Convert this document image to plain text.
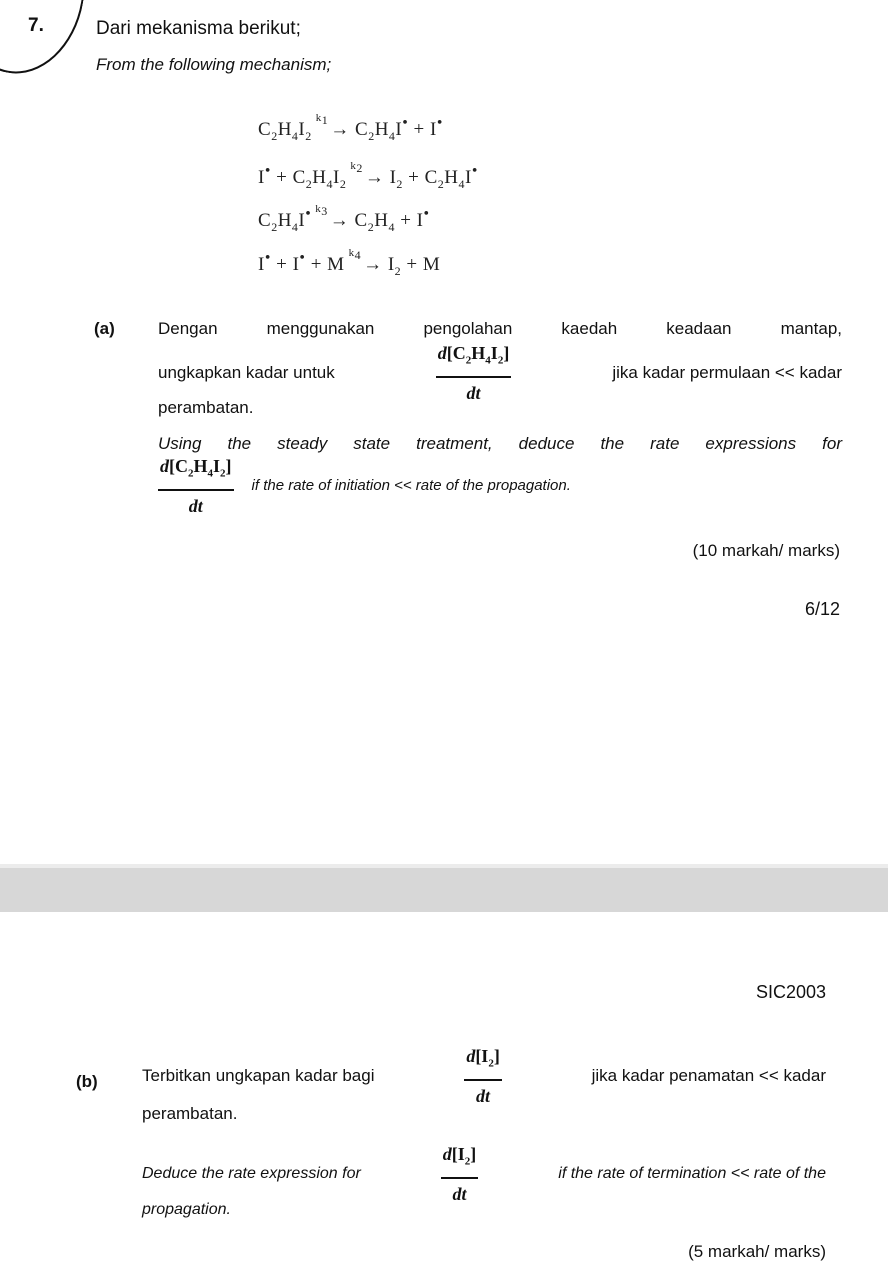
7.	Dari mekanisma berikut;
From the following mechanism;
$C_2H_4I_2^{k_1} \to C_2H_4I^• + I^•$
$I^• + C_2H_4I_2^{k_2} \to I_2 + C_2H_4I^•$
$C_2H_4I^•$ $^{k_3} \to C_2H_4 + I^•$
$I^• + I^• + M^{k_4} \to I_2 + M$
(a)	Dengan menggunakan pengolahan kaedah keadaan mantap,
ungkapkan kadar untuk	$\frac{d[C_2H_4I_2]}{dt}$	jika kadar permulaan << kadar
perambatan.
Using the steady state treatment, deduce the rate expressions for
$\frac{d[C_2H_4I_2]}{dt}$ if the rate of initiation << rate of the propagation.
(10 markah/ marks)
6/12
SIC2003
(b)	Terbitkan ungkapan kadar bagi	$\frac{d[I_2]}{dt}$	jika kadar penamatan << kadar
perambatan.
Deduce the rate expression for	$\frac{d[I_2]}{dt}$	if the rate of termination << rate of the
propagation.
(5 markah/ marks)
